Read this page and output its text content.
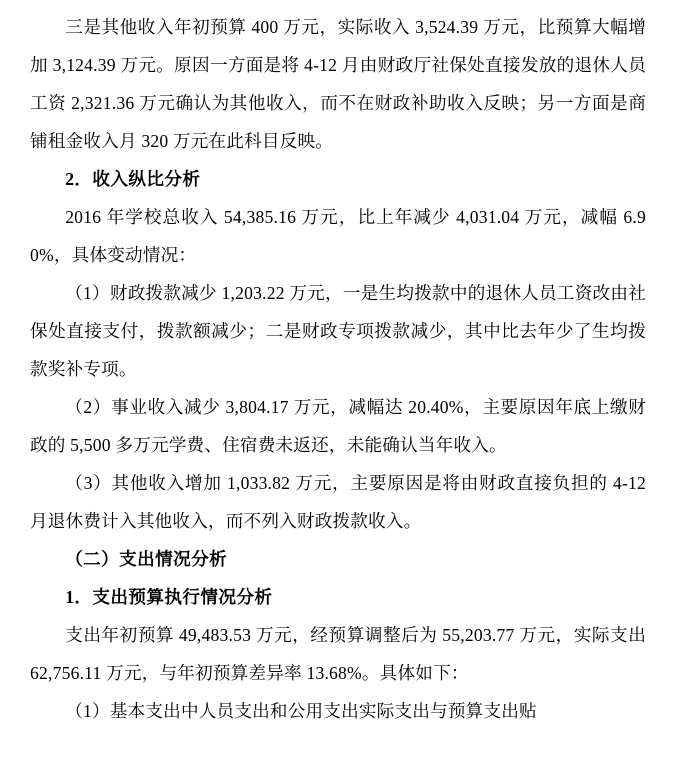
三是其他收入年初预算 400 万元，实际收入 3,524.39 万元，比预算大幅增加 3,124.39 万元。原因一方面是将 4-12 月由财政厅社保处直接发放的退休人员工资 2,321.36 万元确认为其他收入，而不在财政补助收入反映；另一方面是商铺租金收入月 320 万元在此科目反映。

2．收入纵比分析

2016 年学校总收入 54,385.16 万元，比上年减少 4,031.04 万元，减幅 6.90%，具体变动情况：

（1）财政拨款减少 1,203.22 万元，一是生均拨款中的退休人员工资改由社保处直接支付，拨款额减少；二是财政专项拨款减少，其中比去年少了生均拨款奖补专项。

（2）事业收入减少 3,804.17 万元，减幅达 20.40%，主要原因年底上缴财政的 5,500 多万元学费、住宿费未返还，未能确认当年收入。

（3）其他收入增加 1,033.82 万元，主要原因是将由财政直接负担的 4-12 月退休费计入其他收入，而不列入财政拨款收入。

（二）支出情况分析

1．支出预算执行情况分析

支出年初预算 49,483.53 万元，经预算调整后为 55,203.77 万元，实际支出 62,756.11 万元，与年初预算差异率 13.68%。具体如下：

（1）基本支出中人员支出和公用支出实际支出与预算支出贴
